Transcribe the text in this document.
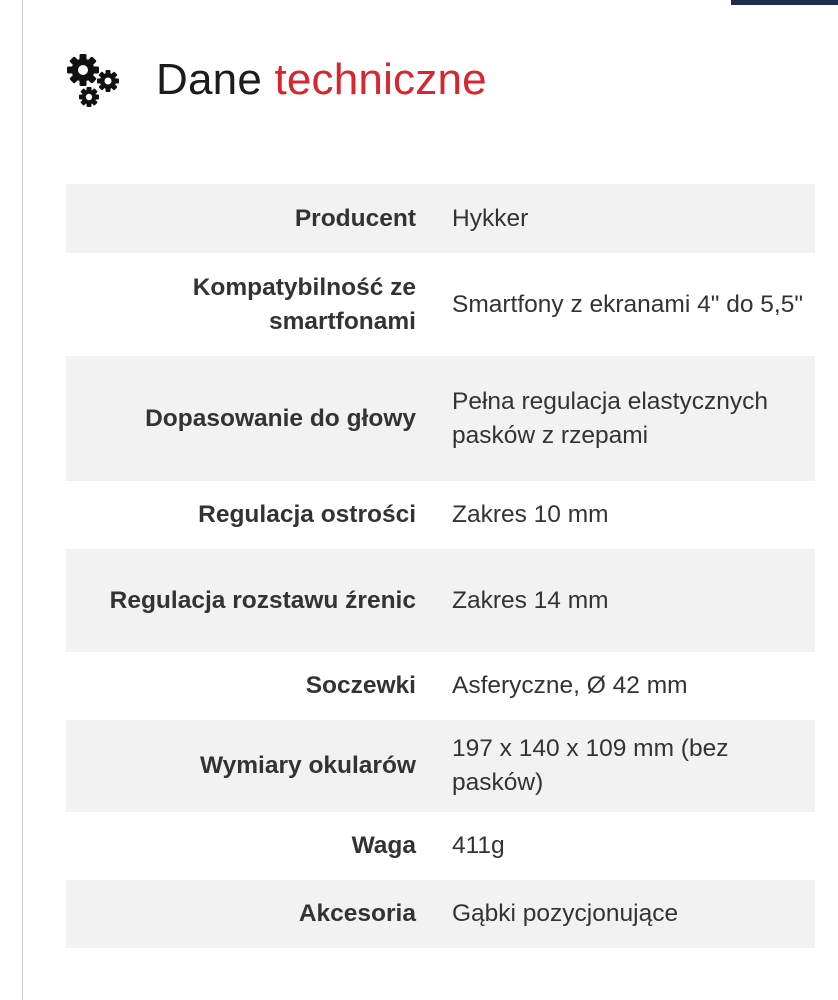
Dane techniczne
Producent	Hykker
Kompatybilność ze smartfonami	Smartfony z ekranami 4" do 5,5"
Dopasowanie do głowy	Pełna regulacja elastycznych pasków z rzepami
Regulacja ostrości	Zakres 10 mm
Regulacja rozstawu źrenic	Zakres 14 mm
Soczewki	Asferyczne, Ø 42 mm
Wymiary okularów	197 x 140 x 109 mm (bez pasków)
Waga	411g
Akcesoria	Gąbki pozycjonujące
